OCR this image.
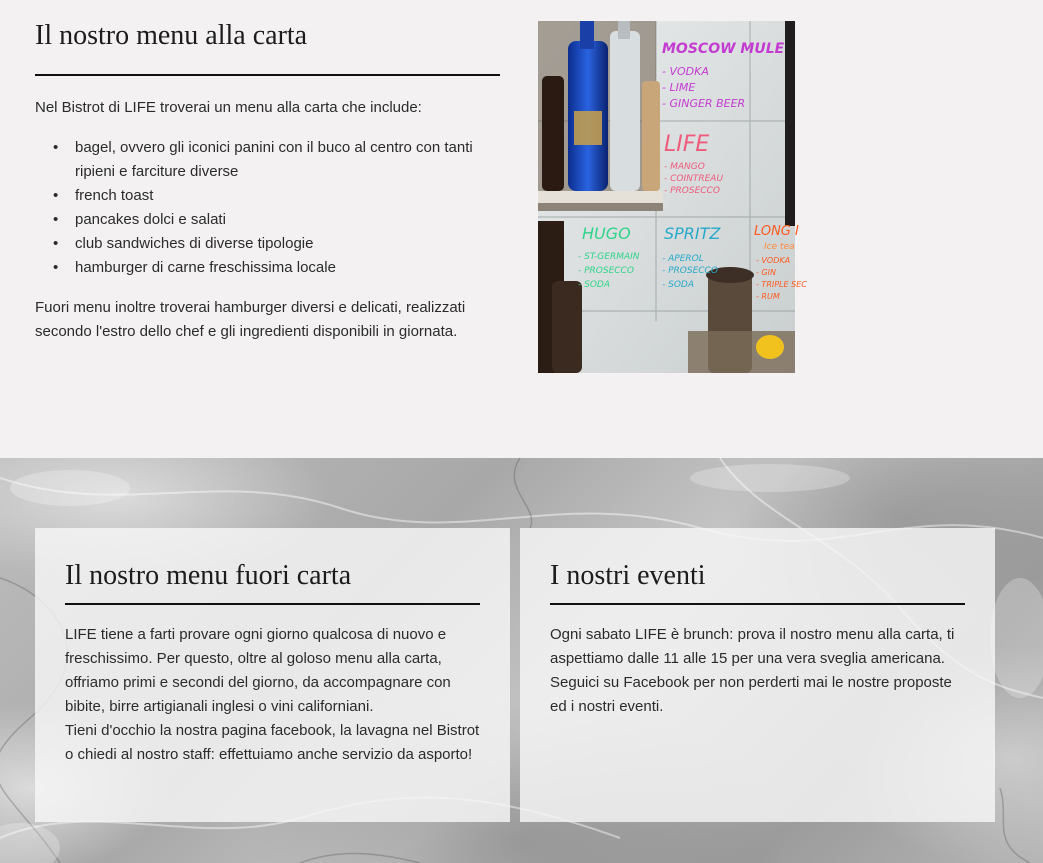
Il nostro menu alla carta

Nel Bistrot di LIFE troverai un menu alla carta che include:

• bagel, ovvero gli iconici panini con il buco al centro con tanti ripieni e farciture diverse
• french toast
• pancakes dolci e salati
• club sandwiches di diverse tipologie
• hamburger di carne freschissima locale

Fuori menu inoltre troverai hamburger diversi e delicati, realizzati secondo l'estro dello chef e gli ingredienti disponibili in giornata.

MOSCOW MULE
- VODKA
- LIME
- GINGER BEER
LIFE
- MANGO
- COINTREAU
- PROSECCO
HUGO
- ST-GERMAIN
- PROSECCO
- SODA
SPRITZ
- APEROL
- PROSECCO
- SODA
LONG I
Ice tea
- VODKA
- GIN
- TRIPLE SEC
- RUM
Il nostro menu fuori carta

LIFE tiene a farti provare ogni giorno qualcosa di nuovo e freschissimo. Per questo, oltre al goloso menu alla carta, offriamo primi e secondi del giorno, da accompagnare con bibite, birre artigianali inglesi o vini californiani.
Tieni d'occhio la nostra pagina facebook, la lavagna nel Bistrot o chiedi al nostro staff: effettuiamo anche servizio da asporto!

I nostri eventi

Ogni sabato LIFE è brunch: prova il nostro menu alla carta, ti aspettiamo dalle 11 alle 15 per una vera sveglia americana.
Seguici su Facebook per non perderti mai le nostre proposte ed i nostri eventi.
